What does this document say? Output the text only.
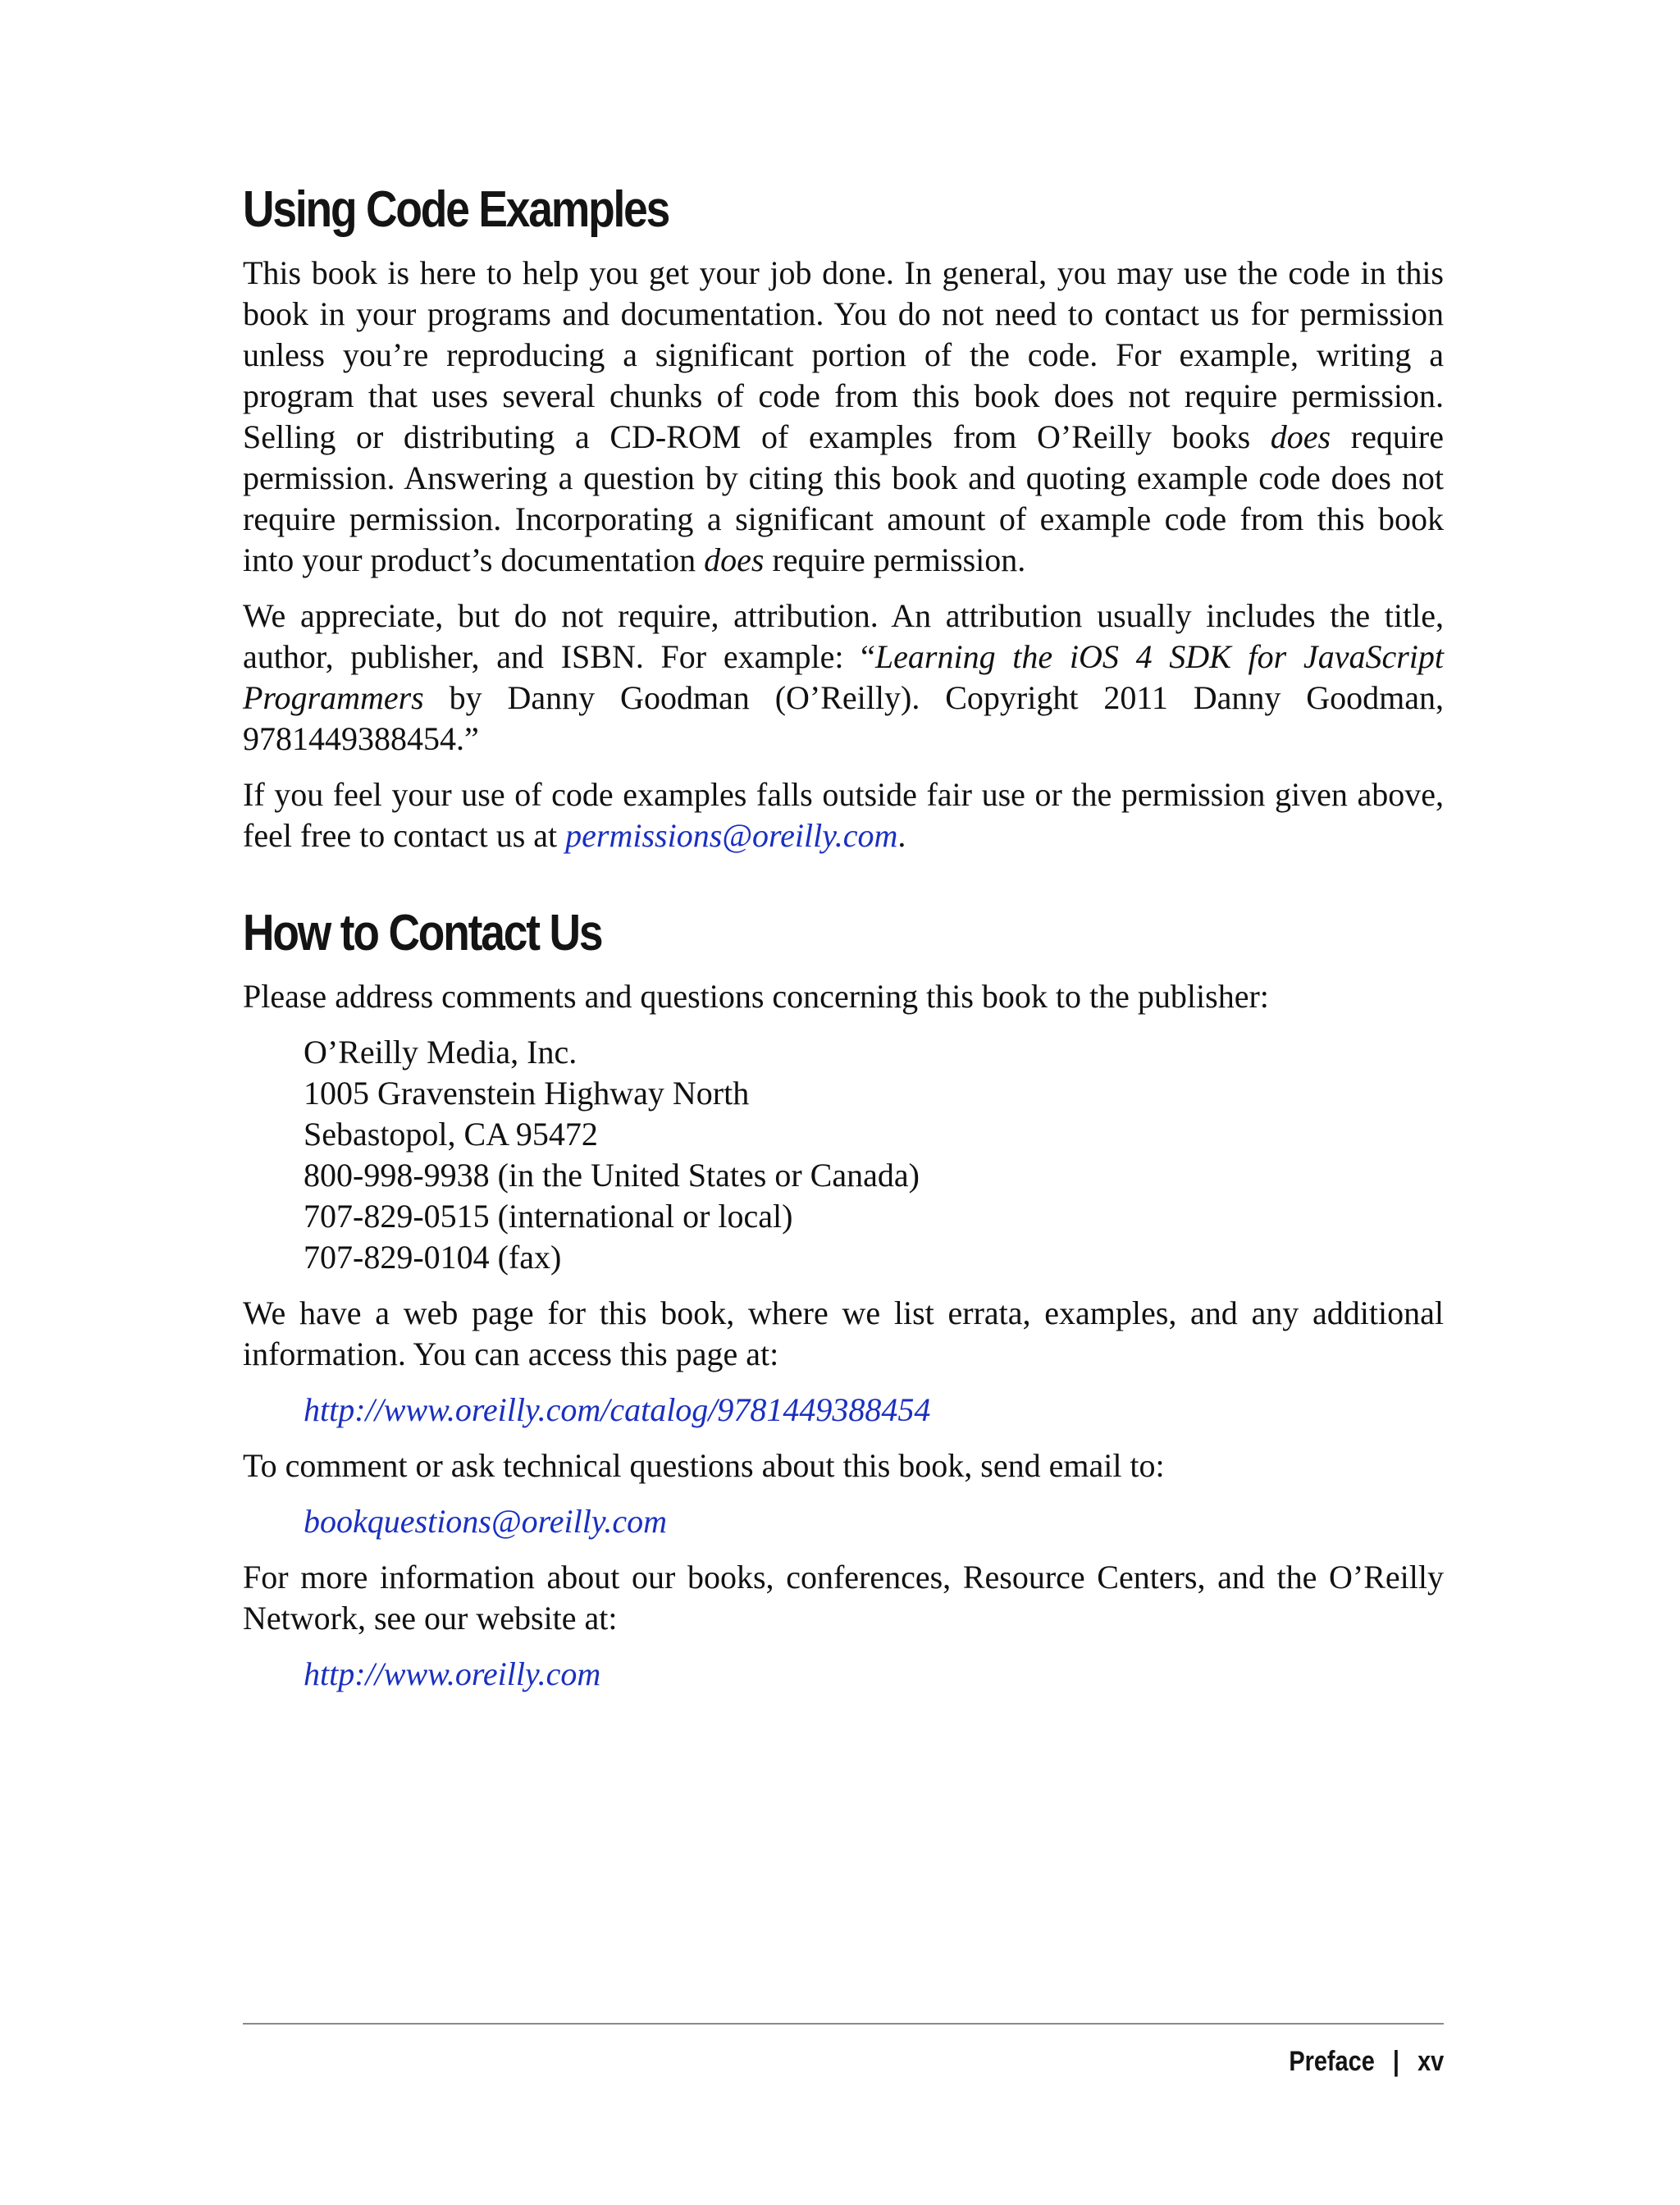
Using Code Examples

This book is here to help you get your job done. In general, you may use the code in this book in your programs and documentation. You do not need to contact us for permission unless you’re reproducing a significant portion of the code. For example, writing a program that uses several chunks of code from this book does not require permission. Selling or distributing a CD-ROM of examples from O’Reilly books does require permission. Answering a question by citing this book and quoting example code does not require permission. Incorporating a significant amount of example code from this book into your product’s documentation does require permission.

We appreciate, but do not require, attribution. An attribution usually includes the title, author, publisher, and ISBN. For example: “Learning the iOS 4 SDK for JavaScript Programmers by Danny Goodman (O’Reilly). Copyright 2011 Danny Goodman, 9781449388454.”

If you feel your use of code examples falls outside fair use or the permission given above, feel free to contact us at permissions@oreilly.com.

How to Contact Us

Please address comments and questions concerning this book to the publisher:

O’Reilly Media, Inc.
1005 Gravenstein Highway North
Sebastopol, CA 95472
800-998-9938 (in the United States or Canada)
707-829-0515 (international or local)
707-829-0104 (fax)

We have a web page for this book, where we list errata, examples, and any additional information. You can access this page at:

http://www.oreilly.com/catalog/9781449388454

To comment or ask technical questions about this book, send email to:

bookquestions@oreilly.com

For more information about our books, conferences, Resource Centers, and the O’Reilly Network, see our website at:

http://www.oreilly.com
Preface | xv
